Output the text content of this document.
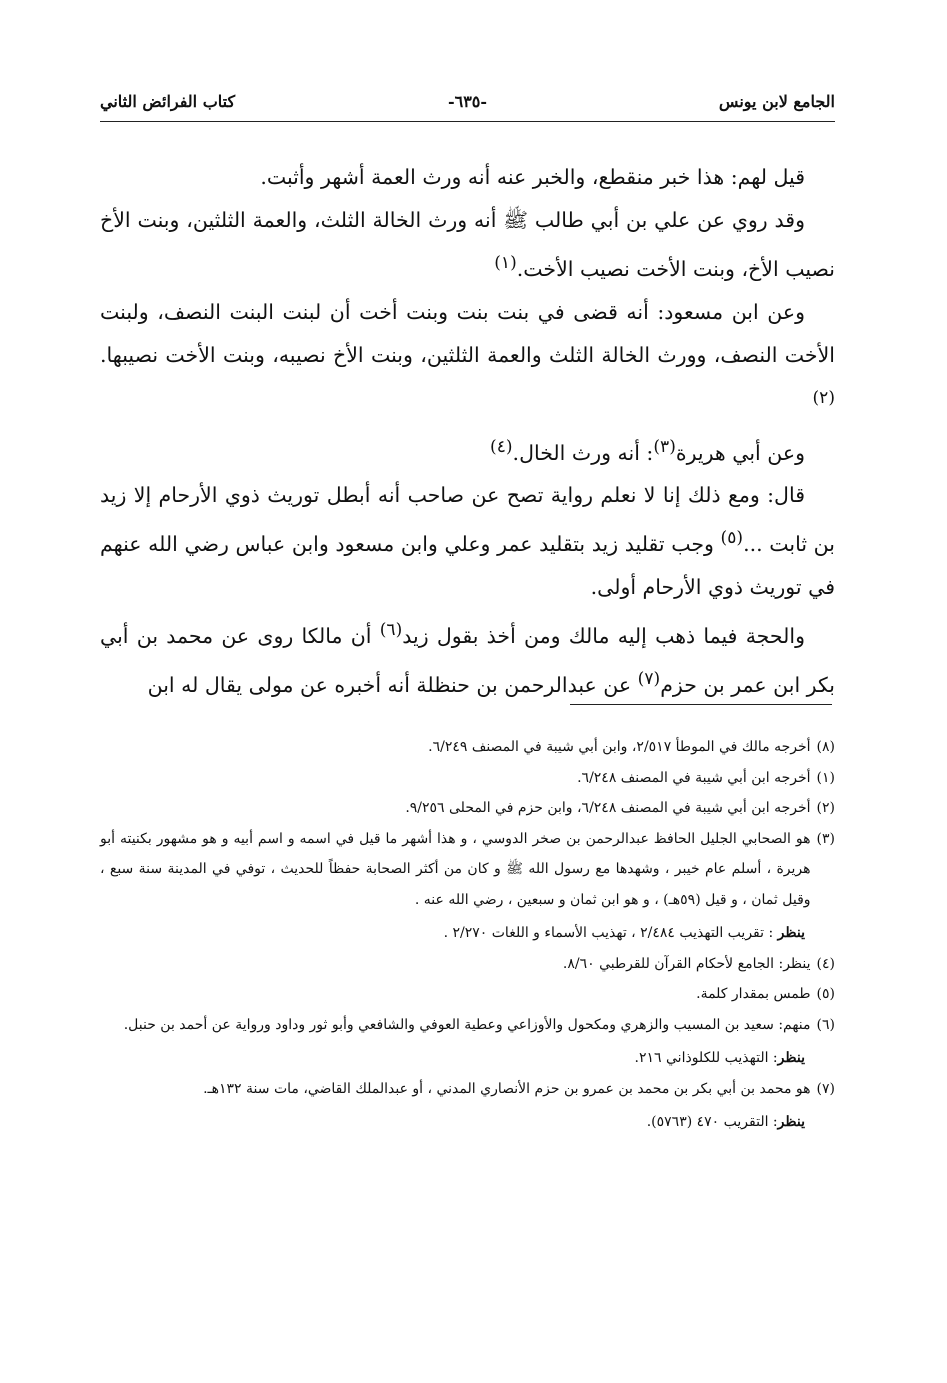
الجامع لابن يونس
-٦٣٥-
كتاب الفرائض الثاني

قيل لهم: هذا خبر منقطع، والخبر عنه أنه ورث العمة أشهر وأثبت.

وقد روي عن علي بن أبي طالب ﷺ أنه ورث الخالة الثلث، والعمة الثلثين، وبنت الأخ نصيب الأخ، وبنت الأخت نصيب الأخت.$^{(١)}$

وعن ابن مسعود: أنه قضى في بنت بنت وبنت أخت أن لبنت البنت النصف، ولبنت الأخت النصف، وورث الخالة الثلث والعمة الثلثين، وبنت الأخ نصيبه، وبنت الأخت نصيبها.$^{(٢)}$

وعن أبي هريرة$^{(٣)}$: أنه ورث الخال.$^{(٤)}$

قال: ومع ذلك إنا لا نعلم رواية تصح عن صاحب أنه أبطل توريث ذوي الأرحام إلا زيد بن ثابت ...$^{(٥)}$ وجب تقليد زيد بتقليد عمر وعلي وابن مسعود وابن عباس رضي الله عنهم في توريث ذوي الأرحام أولى.

والحجة فيما ذهب إليه مالك ومن أخذ بقول زيد$^{(٦)}$ أن مالكا روى عن محمد بن أبي بكر ابن عمر بن حزم$^{(٧)}$ عن عبدالرحمن بن حنظلة أنه أخبره عن مولى يقال له ابن

(٨)
أخرجه مالك في الموطأ ٢/٥١٧، وابن أبي شيبة في المصنف ٦/٢٤٩.
(١)
أخرجه ابن أبي شيبة في المصنف ٦/٢٤٨.
(٢)
أخرجه ابن أبي شيبة في المصنف ٦/٢٤٨، وابن حزم في المحلى ٩/٢٥٦.
(٣)
هو الصحابي الجليل الحافظ عبدالرحمن بن صخر الدوسي ، و هذا أشهر ما قيل في اسمه و اسم أبيه و هو مشهور بكنيته أبو هريرة ، أسلم عام خيبر ، وشهدها مع رسول الله ﷺ و كان من أكثر الصحابة حفظاً للحديث ، توفي في المدينة سنة سبع ، وقيل ثمان ، و قيل (٥٩هـ) ، و هو ابن ثمان و سبعين ، رضي الله عنه .
ينظر : تقريب التهذيب ٢/٤٨٤ ، تهذيب الأسماء و اللغات ٢/٢٧٠ .
(٤)
ينظر: الجامع لأحكام القرآن للقرطبي ٨/٦٠.
(٥)
طمس بمقدار كلمة.
(٦)
منهم: سعيد بن المسيب والزهري ومكحول والأوزاعي وعطية العوفي والشافعي وأبو ثور وداود ورواية عن أحمد بن حنبل.
ينظر: التهذيب للكلوذاني ٢١٦.
(٧)
هو محمد بن أبي بكر بن محمد بن عمرو بن حزم الأنصاري المدني ، أو عبدالملك القاضي، مات سنة ١٣٢هـ.
ينظر: التقريب ٤٧٠ (٥٧٦٣).
